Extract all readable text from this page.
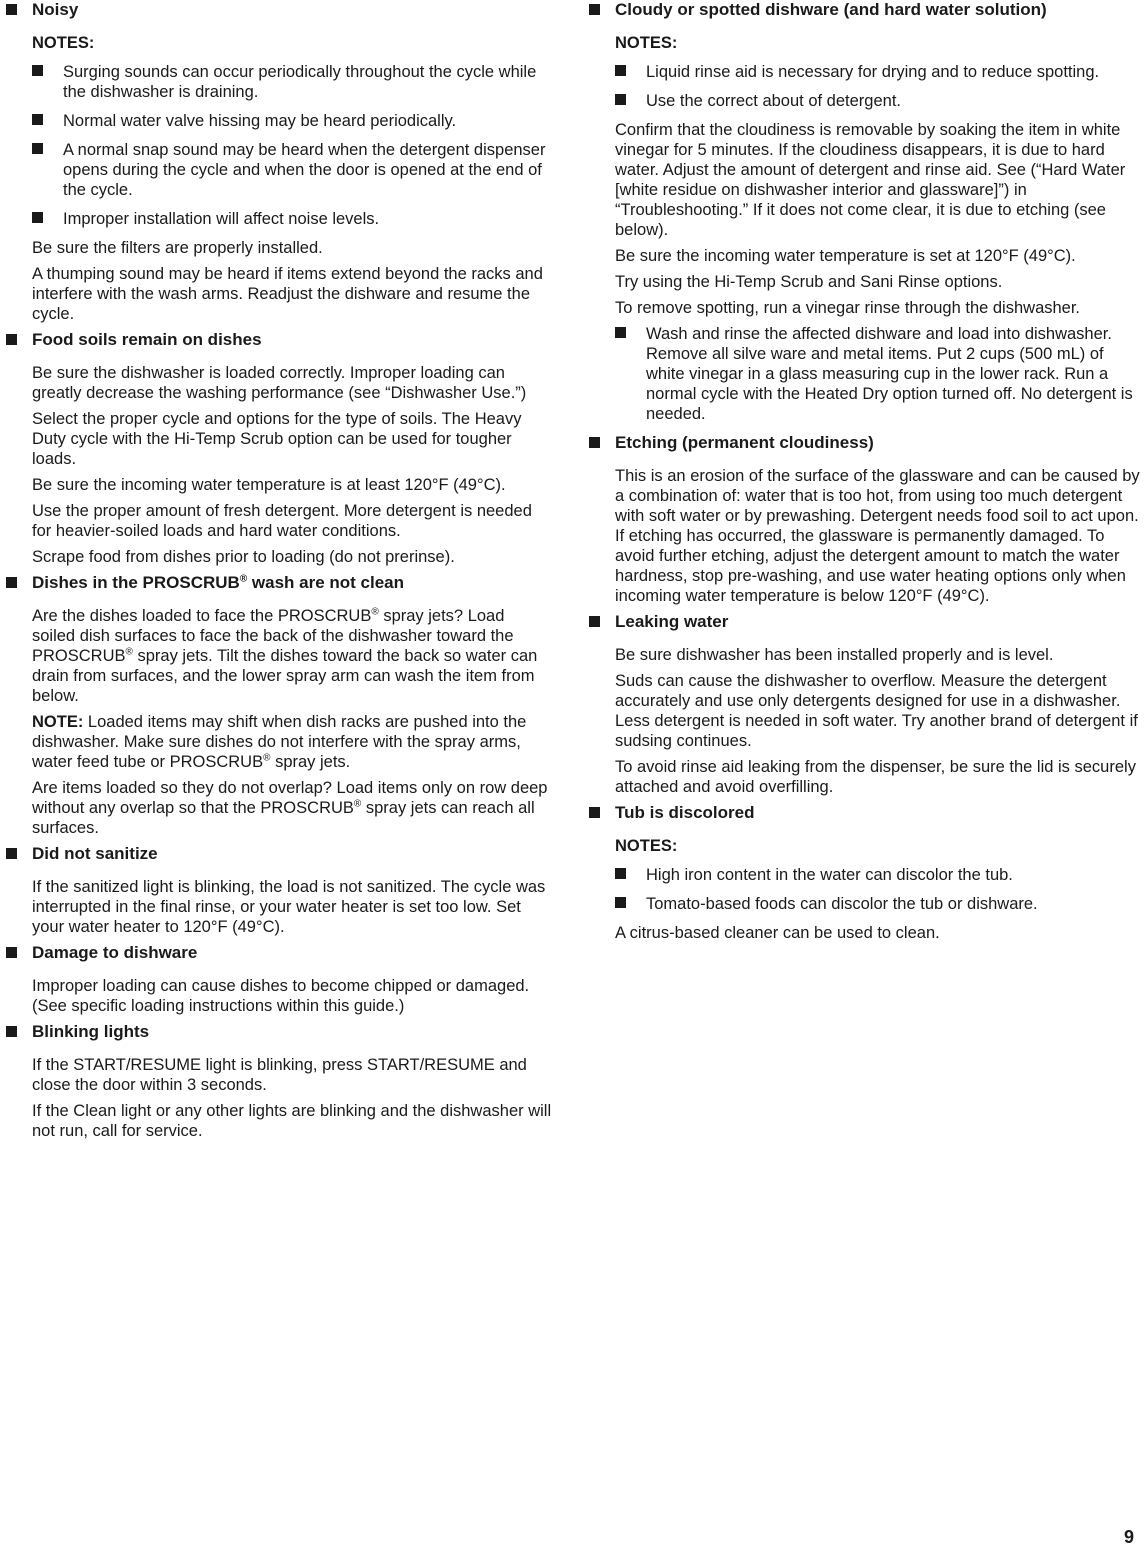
Noisy
NOTES:
Surging sounds can occur periodically throughout the cycle while the dishwasher is draining.
Normal water valve hissing may be heard periodically.
A normal snap sound may be heard when the detergent dispenser opens during the cycle and when the door is opened at the end of the cycle.
Improper installation will affect noise levels.

Be sure the filters are properly installed.

A thumping sound may be heard if items extend beyond the racks and interfere with the wash arms. Readjust the dishware and resume the cycle.

Food soils remain on dishes

Be sure the dishwasher is loaded correctly. Improper loading can greatly decrease the washing performance (see “Dishwasher Use.”)

Select the proper cycle and options for the type of soils. The Heavy Duty cycle with the Hi-Temp Scrub option can be used for tougher loads.

Be sure the incoming water temperature is at least 120°F (49°C).

Use the proper amount of fresh detergent. More detergent is needed for heavier-soiled loads and hard water conditions.

Scrape food from dishes prior to loading (do not prerinse).

Dishes in the PROSCRUB® wash are not clean

Are the dishes loaded to face the PROSCRUB® spray jets? Load soiled dish surfaces to face the back of the dishwasher toward the PROSCRUB® spray jets. Tilt the dishes toward the back so water can drain from surfaces, and the lower spray arm can wash the item from below.

NOTE: Loaded items may shift when dish racks are pushed into the dishwasher. Make sure dishes do not interfere with the spray arms, water feed tube or PROSCRUB® spray jets.

Are items loaded so they do not overlap? Load items only on row deep without any overlap so that the PROSCRUB® spray jets can reach all surfaces.

Did not sanitize

If the sanitized light is blinking, the load is not sanitized. The cycle was interrupted in the final rinse, or your water heater is set too low. Set your water heater to 120°F (49°C).

Damage to dishware

Improper loading can cause dishes to become chipped or damaged. (See specific loading instructions within this guide.)

Blinking lights

If the START/RESUME light is blinking, press START/RESUME and close the door within 3 seconds.

If the Clean light or any other lights are blinking and the dishwasher will not run, call for service.

Cloudy or spotted dishware (and hard water solution)
NOTES:
Liquid rinse aid is necessary for drying and to reduce spotting.
Use the correct about of detergent.

Confirm that the cloudiness is removable by soaking the item in white vinegar for 5 minutes. If the cloudiness disappears, it is due to hard water. Adjust the amount of detergent and rinse aid. See (“Hard Water [white residue on dishwasher interior and glassware]”) in “Troubleshooting.” If it does not come clear, it is due to etching (see below).

Be sure the incoming water temperature is set at 120°F (49°C).

Try using the Hi-Temp Scrub and Sani Rinse options.

To remove spotting, run a vinegar rinse through the dishwasher.

Wash and rinse the affected dishware and load into dishwasher. Remove all silve ware and metal items. Put 2 cups (500 mL) of white vinegar in a glass measuring cup in the lower rack. Run a normal cycle with the Heated Dry option turned off. No detergent is needed.
Etching (permanent cloudiness)

This is an erosion of the surface of the glassware and can be caused by a combination of: water that is too hot, from using too much detergent with soft water or by prewashing. Detergent needs food soil to act upon. If etching has occurred, the glassware is permanently damaged. To avoid further etching, adjust the detergent amount to match the water hardness, stop pre-washing, and use water heating options only when incoming water temperature is below 120°F (49°C).

Leaking water

Be sure dishwasher has been installed properly and is level.

Suds can cause the dishwasher to overflow. Measure the detergent accurately and use only detergents designed for use in a dishwasher. Less detergent is needed in soft water. Try another brand of detergent if sudsing continues.

To avoid rinse aid leaking from the dispenser, be sure the lid is securely attached and avoid overfilling.

Tub is discolored
NOTES:
High iron content in the water can discolor the tub.
Tomato-based foods can discolor the tub or dishware.

A citrus-based cleaner can be used to clean.

9
